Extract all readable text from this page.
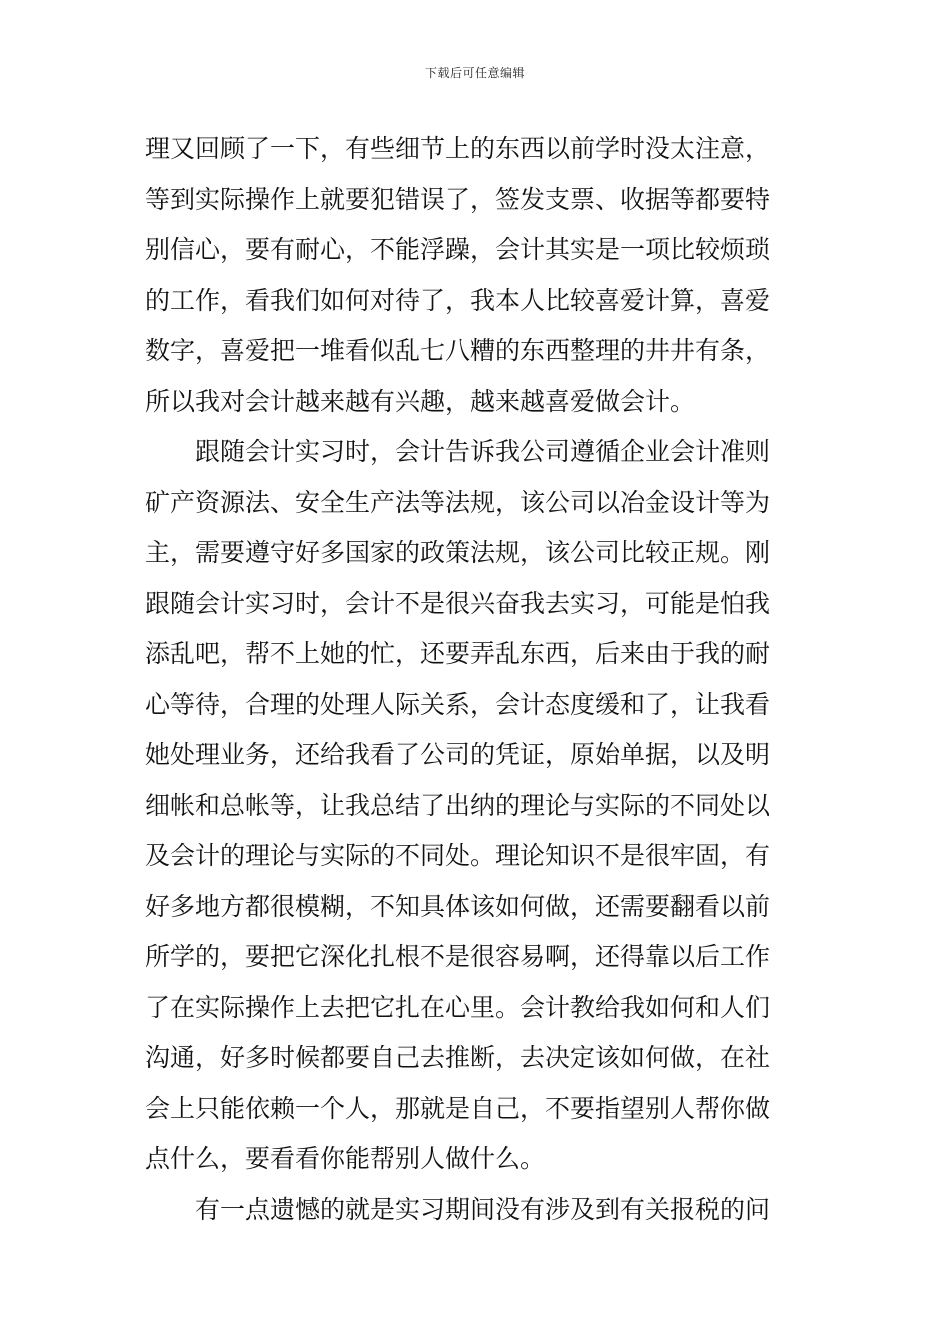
下载后可任意编辑
理又回顾了一下，有些细节上的东西以前学时没太注意，
等到实际操作上就要犯错误了，签发支票、收据等都要特
别信心，要有耐心，不能浮躁，会计其实是一项比较烦琐
的工作，看我们如何对待了，我本人比较喜爱计算，喜爱
数字，喜爱把一堆看似乱七八糟的东西整理的井井有条，
所以我对会计越来越有兴趣，越来越喜爱做会计。
　　跟随会计实习时，会计告诉我公司遵循企业会计准则
矿产资源法、安全生产法等法规，该公司以冶金设计等为
主，需要遵守好多国家的政策法规，该公司比较正规。刚
跟随会计实习时，会计不是很兴奋我去实习，可能是怕我
添乱吧，帮不上她的忙，还要弄乱东西，后来由于我的耐
心等待，合理的处理人际关系，会计态度缓和了，让我看
她处理业务，还给我看了公司的凭证，原始单据，以及明
细帐和总帐等，让我总结了出纳的理论与实际的不同处以
及会计的理论与实际的不同处。理论知识不是很牢固，有
好多地方都很模糊，不知具体该如何做，还需要翻看以前
所学的，要把它深化扎根不是很容易啊，还得靠以后工作
了在实际操作上去把它扎在心里。会计教给我如何和人们
沟通，好多时候都要自己去推断，去决定该如何做，在社
会上只能依赖一个人，那就是自己，不要指望别人帮你做
点什么，要看看你能帮别人做什么。
　　有一点遗憾的就是实习期间没有涉及到有关报税的问
